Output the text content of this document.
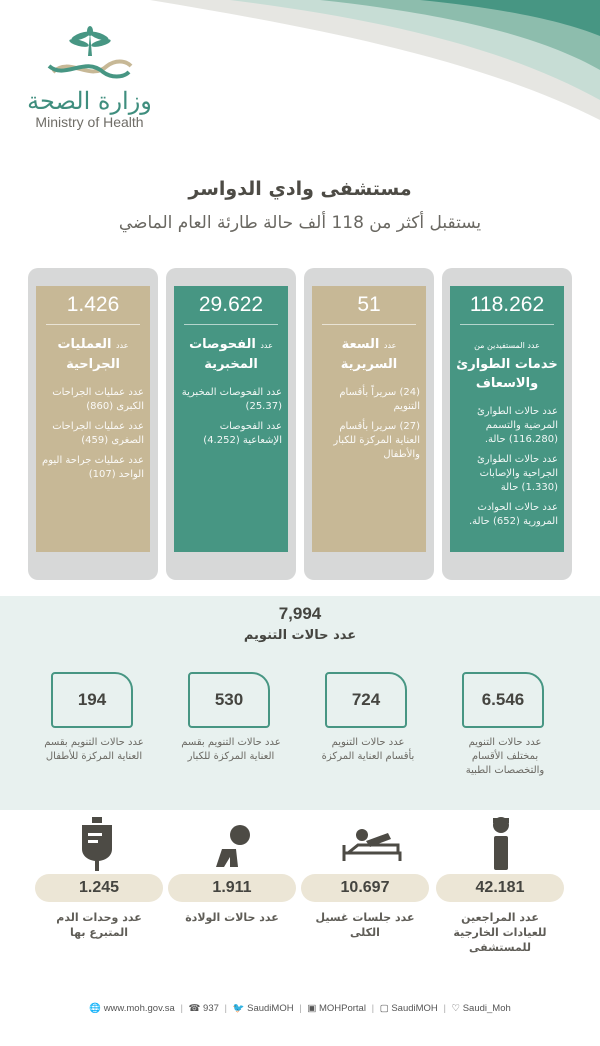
وزارة الصحة
Ministry of Health
مستشفى وادي الدواسر
يستقبل أكثر من 118 ألف حالة طارئة العام الماضي
118.262
عدد المستفيدين من
خدمات الطوارئ والاسعاف
عدد حالات الطوارئ المرضية والتسمم (116.280) حالة.
عدد حالات الطوارئ الجراحية والإصابات (1.330) حالة
عدد حالات الحوادث المرورية (652) حالة.
51
عدد السعة السريرية
(24) سريراً بأقسام التنويم
(27) سريرا بأقسام العناية المركزة للكبار والأطفال
29.622
عدد الفحوصات المخبرية
عدد الفحوصات المخبرية (25.37)
عدد الفحوصات الإشعاعية (4.252)
1.426
عدد العمليات الجراحية
عدد عمليات الجراحات الكبرى (860)
عدد عمليات الجراحات الصغرى (459)
عدد عمليات جراحة اليوم الواحد (107)
7,994
عدد حالات التنويم
6.546
724
530
194
عدد حالات التنويم بمختلف الأقسام والتخصصات الطبية
عدد حالات التنويم بأقسام العناية المركزة
عدد حالات التنويم بقسم العناية المركزة للكبار
عدد حالات التنويم بقسم العناية المركزة للأطفال
42.181
10.697
1.911
1.245
عدد المراجعين للعيادات الخارجية للمستشفى
عدد جلسات غسيل الكلى
عدد حالات الولادة
عدد وحدات الدم المتبرع بها
🌐 www.moh.gov.sa | ☎ 937 | 🐦 SaudiMOH | ▣ MOHPortal | ▢ SaudiMOH | ♡ Saudi_Moh
